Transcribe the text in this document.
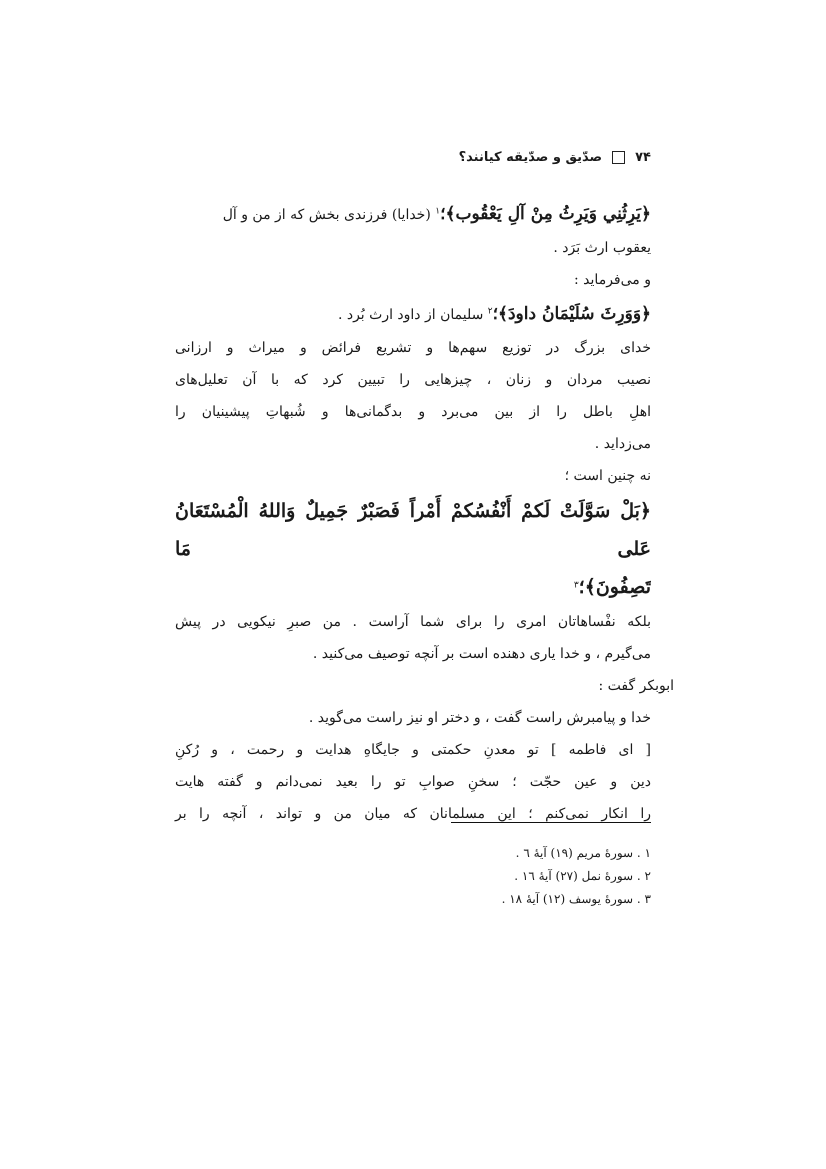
۷۴
صدّیق و صدّیقه کیانند؟
﴿يَرِثُنِي وَيَرِثُ مِنْ آلِ يَعْقُوب﴾؛$^۱$ (خدایا) فرزندی بخش که از من و آل
یعقوب ارث بَرَد .
و می‌فرماید :
﴿وَوَرِثَ سُلَيْمَانُ داودَ﴾؛$^۲$ سلیمان از داود ارث بُرد .
خدای بزرگ در توزیع سهم‌ها و تشریع فرائض و میراث و ارزانی
نصیب مردان و زنان ، چیزهایی را تبیین کرد که با آن تعلیل‌های
اهلِ باطل را از بین می‌برد و بدگمانی‌ها و شُبهاتِ پیشینیان را
می‌زداید .
نه چنین است ؛
﴿بَلْ سَوَّلَتْ لَكمْ أَنْفُسُكمْ أَمْراً فَصَبْرٌ جَمِيلٌ وَاللهُ الْمُسْتَعَانُ عَلى مَا
تَصِفُونَ﴾؛$^۳$
بلکه نفْساهاتان امری را برای شما آراست . من صبرِ نیکویی در پیش
می‌گیرم ، و خدا یاری دهنده است بر آنچه توصیف می‌کنید .
ابوبکر گفت :
خدا و پیامبرش راست گفت ، و دختر او نیز راست می‌گوید .
[ ای فاطمه ] تو معدنِ حکمتی و جایگاهِ هدایت و رحمت ، و رُکنِ
دین و عین حجّت ؛ سخنِ صوابِ تو را بعید نمی‌دانم و گفته هایت
را انکار نمی‌کنم ؛ این مسلمانان که میان من و تواند ، آنچه را بر
۱ . سورهٔ مریم (۱۹) آیهٔ ٦ .
۲ . سورهٔ نمل (۲۷) آیهٔ ١٦ .
۳ . سورهٔ یوسف (۱۲) آیهٔ ١٨ .
